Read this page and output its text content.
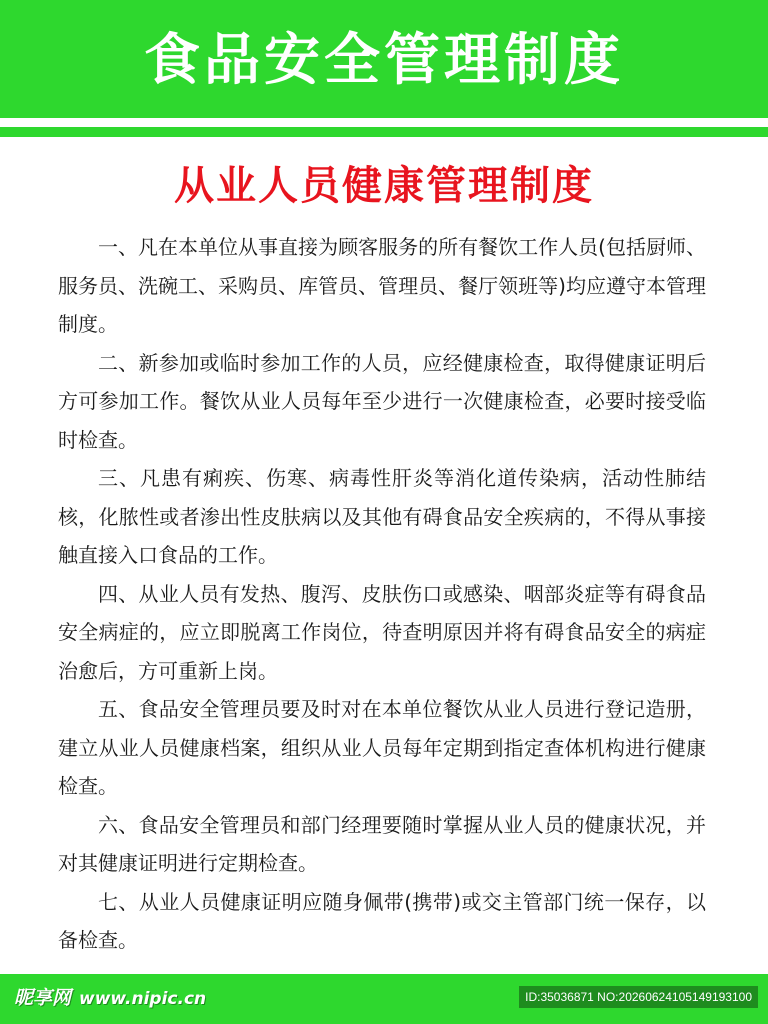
食品安全管理制度
从业人员健康管理制度

一、凡在本单位从事直接为顾客服务的所有餐饮工作人员(包括厨师、服务员、洗碗工、采购员、库管员、管理员、餐厅领班等)均应遵守本管理制度。

二、新参加或临时参加工作的人员，应经健康检查，取得健康证明后方可参加工作。餐饮从业人员每年至少进行一次健康检查，必要时接受临时检查。

三、凡患有痢疾、伤寒、病毒性肝炎等消化道传染病，活动性肺结核，化脓性或者渗出性皮肤病以及其他有碍食品安全疾病的，不得从事接触直接入口食品的工作。

四、从业人员有发热、腹泻、皮肤伤口或感染、咽部炎症等有碍食品安全病症的，应立即脱离工作岗位，待查明原因并将有碍食品安全的病症治愈后，方可重新上岗。

五、食品安全管理员要及时对在本单位餐饮从业人员进行登记造册，建立从业人员健康档案，组织从业人员每年定期到指定查体机构进行健康检查。

六、食品安全管理员和部门经理要随时掌握从业人员的健康状况，并对其健康证明进行定期检查。

七、从业人员健康证明应随身佩带(携带)或交主管部门统一保存，以备检查。

昵享网 www.nipic.cn	ID:35036871 NO:20260624105149193100
